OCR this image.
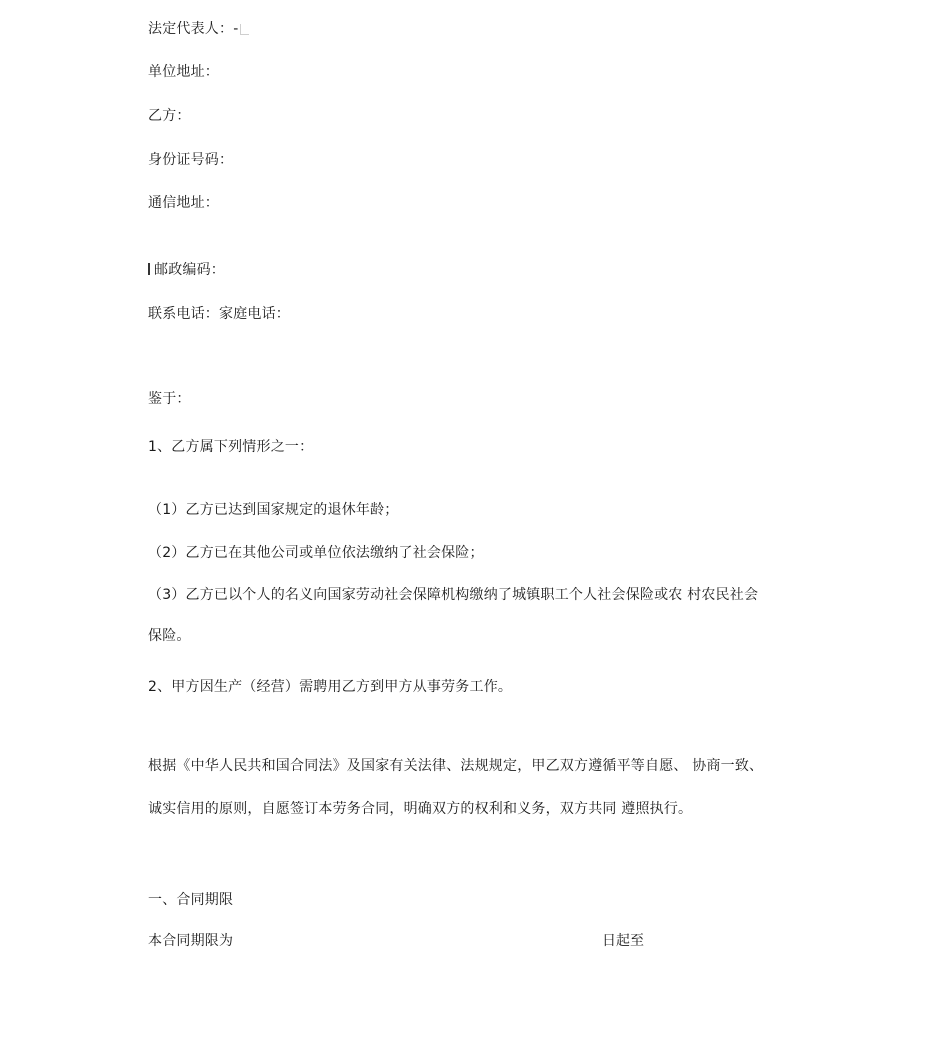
法定代表人：-
单位地址：
乙方：
身份证号码：
通信地址：
邮政编码：
联系电话：家庭电话：
鉴于：
1、乙方属下列情形之一：
（1）乙方已达到国家规定的退休年龄；
（2）乙方已在其他公司或单位依法缴纳了社会保险；
（3）乙方已以个人的名义向国家劳动社会保障机构缴纳了城镇职工个人社会保险或农 村农民社会
保险。
2、甲方因生产（经营）需聘用乙方到甲方从事劳务工作。
根据《中华人民共和国合同法》及国家有关法律、法规规定，甲乙双方遵循平等自愿、 协商一致、
诚实信用的原则，自愿签订本劳务合同，明确双方的权利和义务，双方共同 遵照执行。
一、合同期限
本合同期限为	日起至
